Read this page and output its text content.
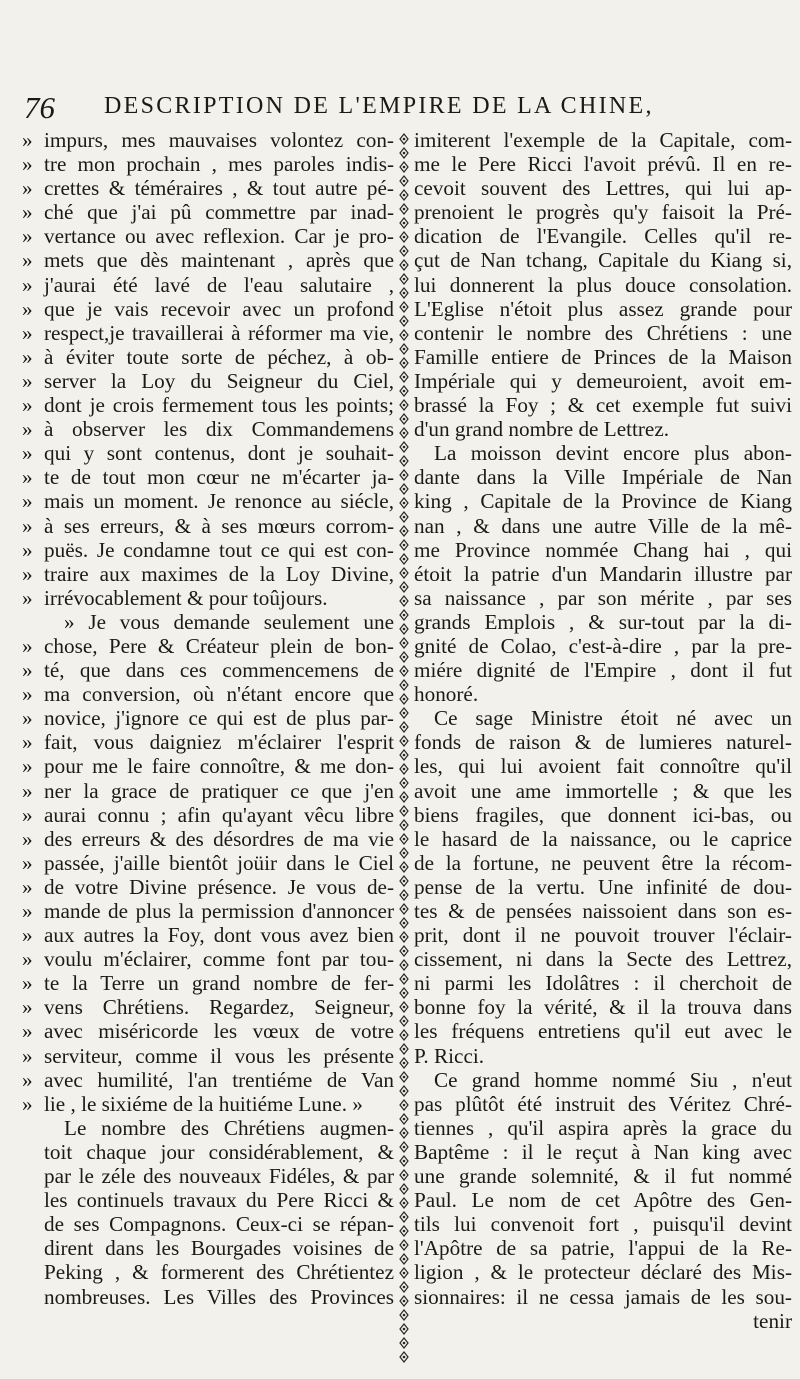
76 DESCRIPTION DE L'EMPIRE DE LA CHINE,
» impurs, mes mauvaises volontez con-
» tre mon prochain , mes paroles indis-
» crettes & téméraires , & tout autre pé-
» ché que j'ai pû commettre par inad-
» vertance ou avec reflexion. Car je pro-
» mets que dès maintenant , après que
» j'aurai été lavé de l'eau salutaire ,
» que je vais recevoir avec un profond
» respect,je travaillerai à réformer ma vie,
» à éviter toute sorte de péchez, à ob-
» server la Loy du Seigneur du Ciel,
» dont je crois fermement tous les points;
» à observer les dix Commandemens
» qui y sont contenus, dont je souhait-
» te de tout mon cœur ne m'écarter ja-
» mais un moment. Je renonce au siécle,
» à ses erreurs, & à ses mœurs corrom-
» puës. Je condamne tout ce qui est con-
» traire aux maximes de la Loy Divine,
» irrévocablement & pour toûjours.
» Je vous demande seulement une
» chose, Pere & Créateur plein de bon-
» té, que dans ces commencemens de
» ma conversion, où n'étant encore que
» novice, j'ignore ce qui est de plus par-
» fait, vous daigniez m'éclairer l'esprit
» pour me le faire connoître, & me don-
» ner la grace de pratiquer ce que j'en
» aurai connu ; afin qu'ayant vêcu libre
» des erreurs & des désordres de ma vie
» passée, j'aille bientôt joüir dans le Ciel
» de votre Divine présence. Je vous de-
» mande de plus la permission d'annoncer
» aux autres la Foy, dont vous avez bien
» voulu m'éclairer, comme font par tou-
» te la Terre un grand nombre de fer-
» vens Chrétiens. Regardez, Seigneur,
» avec miséricorde les vœux de votre
» serviteur, comme il vous les présente
» avec humilité, l'an trentiéme de Van
» lie , le sixiéme de la huitiéme Lune. »
Le nombre des Chrétiens augmen-
toit chaque jour considérablement, &
par le zéle des nouveaux Fidéles, & par
les continuels travaux du Pere Ricci &
de ses Compagnons. Ceux-ci se répan-
dirent dans les Bourgades voisines de
Peking , & formerent des Chrétientez
nombreuses. Les Villes des Provinces
imiterent l'exemple de la Capitale, com-
me le Pere Ricci l'avoit prévû. Il en re-
cevoit souvent des Lettres, qui lui ap-
prenoient le progrès qu'y faisoit la Pré-
dication de l'Evangile. Celles qu'il re-
çut de Nan tchang, Capitale du Kiang si,
lui donnerent la plus douce consolation.
L'Eglise n'étoit plus assez grande pour
contenir le nombre des Chrétiens : une
Famille entiere de Princes de la Maison
Impériale qui y demeuroient, avoit em-
brassé la Foy ; & cet exemple fut suivi
d'un grand nombre de Lettrez.
La moisson devint encore plus abon-
dante dans la Ville Impériale de Nan
king , Capitale de la Province de Kiang
nan , & dans une autre Ville de la mê-
me Province nommée Chang hai , qui
étoit la patrie d'un Mandarin illustre par
sa naissance , par son mérite , par ses
grands Emplois , & sur-tout par la di-
gnité de Colao, c'est-à-dire , par la pre-
miére dignité de l'Empire , dont il fut
honoré.
Ce sage Ministre étoit né avec un
fonds de raison & de lumieres naturel-
les, qui lui avoient fait connoître qu'il
avoit une ame immortelle ; & que les
biens fragiles, que donnent ici-bas, ou
le hasard de la naissance, ou le caprice
de la fortune, ne peuvent être la récom-
pense de la vertu. Une infinité de dou-
tes & de pensées naissoient dans son es-
prit, dont il ne pouvoit trouver l'éclair-
cissement, ni dans la Secte des Lettrez,
ni parmi les Idolâtres : il cherchoit de
bonne foy la vérité, & il la trouva dans
les fréquens entretiens qu'il eut avec le
P. Ricci.
Ce grand homme nommé Siu , n'eut
pas plûtôt été instruit des Véritez Chré-
tiennes , qu'il aspira après la grace du
Baptême : il le reçut à Nan king avec
une grande solemnité, & il fut nommé
Paul. Le nom de cet Apôtre des Gen-
tils lui convenoit fort , puisqu'il devint
l'Apôtre de sa patrie, l'appui de la Re-
ligion , & le protecteur déclaré des Mis-
sionnaires: il ne cessa jamais de les sou-
tenir
